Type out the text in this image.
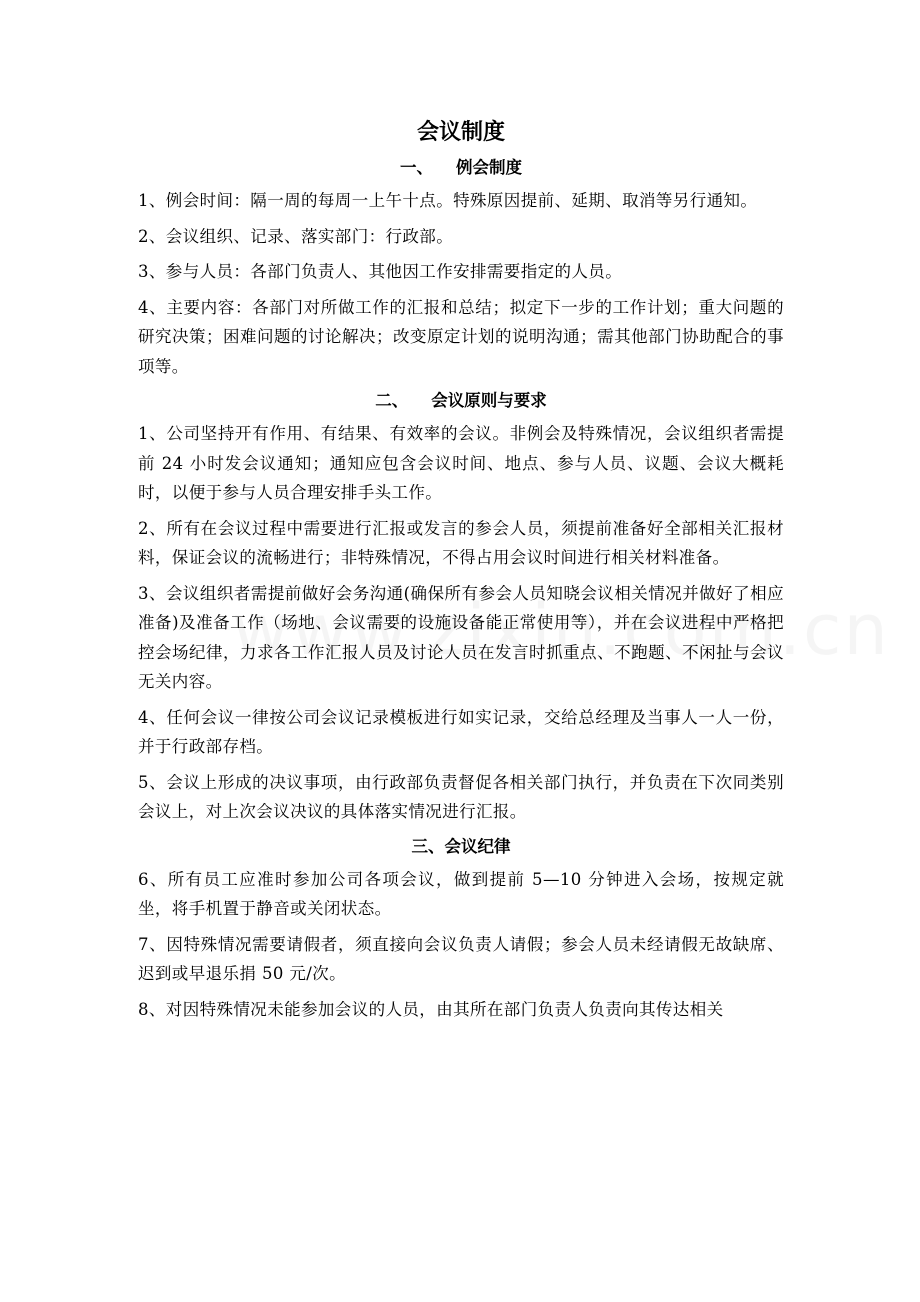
会议制度
一、    例会制度

1、例会时间：隔一周的每周一上午十点。特殊原因提前、延期、取消等另行通知。

2、会议组织、记录、落实部门：行政部。

3、参与人员：各部门负责人、其他因工作安排需要指定的人员。

4、主要内容：各部门对所做工作的汇报和总结；拟定下一步的工作计划；重大问题的研究决策；困难问题的讨论解决；改变原定计划的说明沟通；需其他部门协助配合的事项等。

二、    会议原则与要求

1、公司坚持开有作用、有结果、有效率的会议。非例会及特殊情况，会议组织者需提前 24 小时发会议通知；通知应包含会议时间、地点、参与人员、议题、会议大概耗时，以便于参与人员合理安排手头工作。

2、所有在会议过程中需要进行汇报或发言的参会人员，须提前准备好全部相关汇报材料，保证会议的流畅进行；非特殊情况，不得占用会议时间进行相关材料准备。

3、会议组织者需提前做好会务沟通(确保所有参会人员知晓会议相关情况并做好了相应准备)及准备工作（场地、会议需要的设施设备能正常使用等），并在会议进程中严格把控会场纪律，力求各工作汇报人员及讨论人员在发言时抓重点、不跑题、不闲扯与会议无关内容。

4、任何会议一律按公司会议记录模板进行如实记录，交给总经理及当事人一人一份，并于行政部存档。

5、会议上形成的决议事项，由行政部负责督促各相关部门执行，并负责在下次同类别会议上，对上次会议决议的具体落实情况进行汇报。

三、会议纪律

6、所有员工应准时参加公司各项会议，做到提前 5—10 分钟进入会场，按规定就坐，将手机置于静音或关闭状态。

7、因特殊情况需要请假者，须直接向会议负责人请假；参会人员未经请假无故缺席、迟到或早退乐捐 50 元/次。

8、对因特殊情况未能参加会议的人员，由其所在部门负责人负责向其传达相关
